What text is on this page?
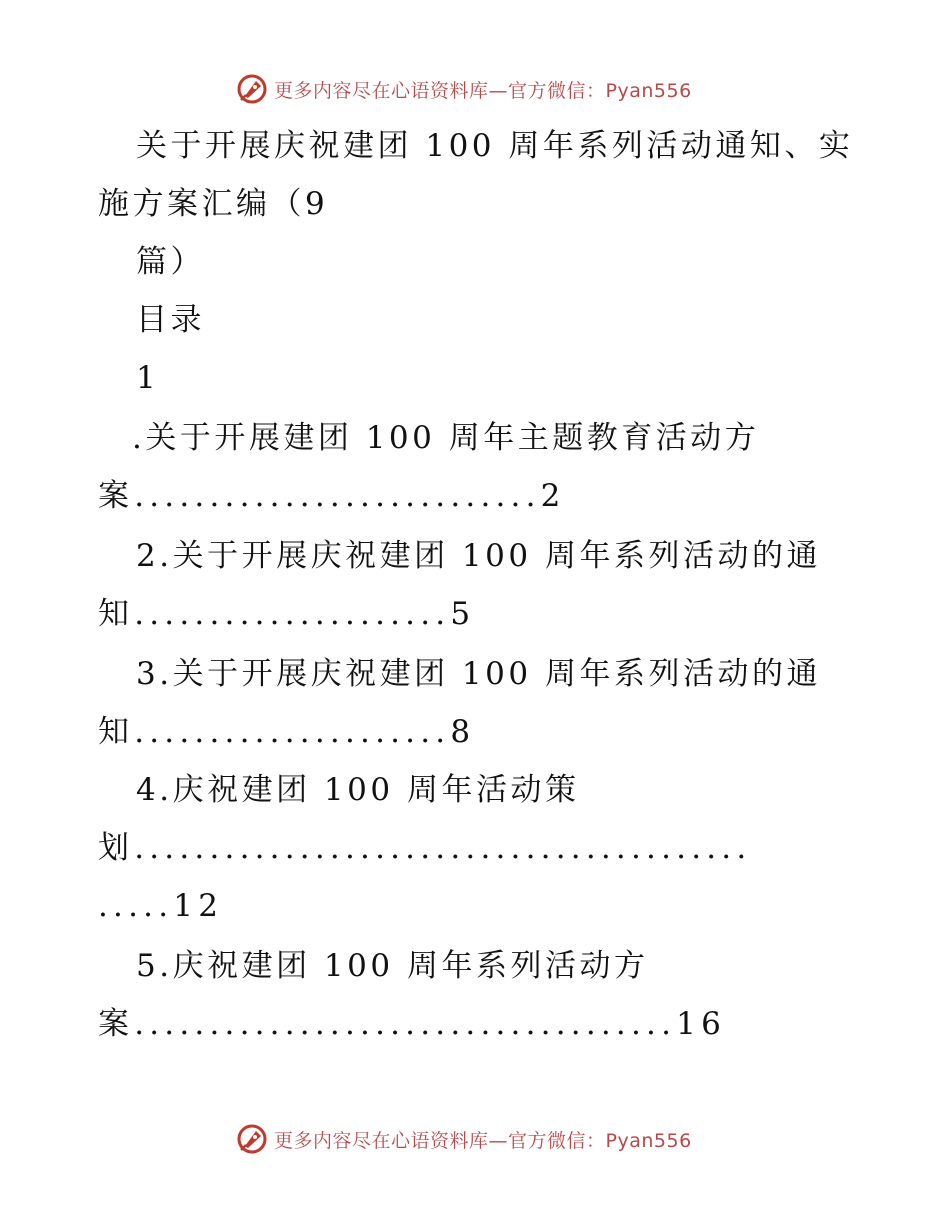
更多内容尽在心语资料库—官方微信：Pyan556
关于开展庆祝建团 100 周年系列活动通知、实
施方案汇编（9
篇）
目录
1
.关于开展建团 100 周年主题教育活动方
案...........................2
2.关于开展庆祝建团 100 周年系列活动的通
知.....................5
3.关于开展庆祝建团 100 周年系列活动的通
知.....................8
4.庆祝建团 100 周年活动策
划.........................................
.....12
5.庆祝建团 100 周年系列活动方
案....................................16
更多内容尽在心语资料库—官方微信：Pyan556
